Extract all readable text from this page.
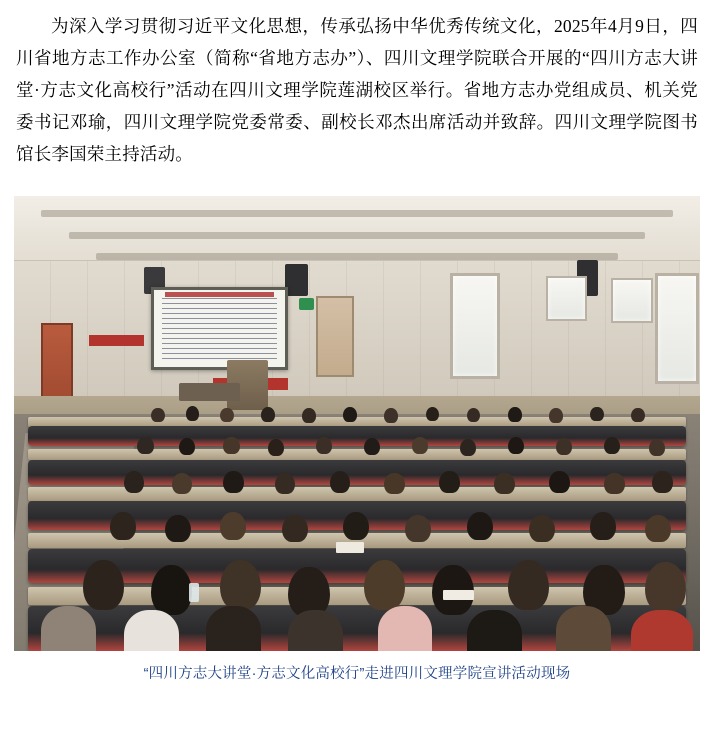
为深入学习贯彻习近平文化思想，传承弘扬中华优秀传统文化，2025年4月9日，四川省地方志工作办公室（简称“省地方志办”）、四川文理学院联合开展的“四川方志大讲堂·方志文化高校行”活动在四川文理学院莲湖校区举行。省地方志办党组成员、机关党委书记邓瑜，四川文理学院党委常委、副校长邓杰出席活动并致辞。四川文理学院图书馆长李国荣主持活动。

“四川方志大讲堂·方志文化高校行”走进四川文理学院宣讲活动现场
